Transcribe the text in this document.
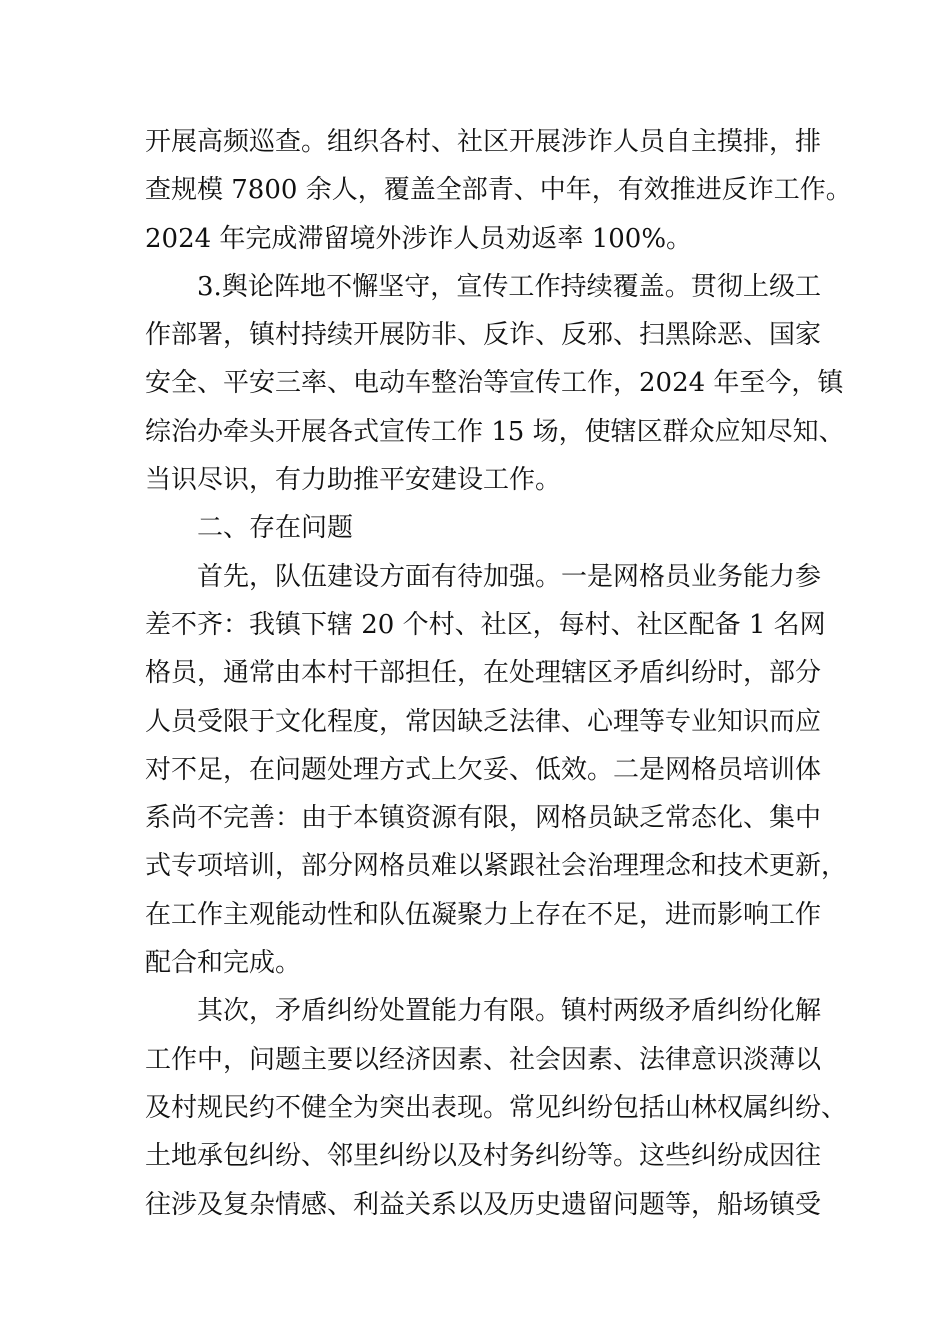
开展高频巡查。组织各村、社区开展涉诈人员自主摸排，排
查规模 7800 余人，覆盖全部青、中年，有效推进反诈工作。
2024 年完成滞留境外涉诈人员劝返率 100%。
3.舆论阵地不懈坚守，宣传工作持续覆盖。贯彻上级工
作部署，镇村持续开展防非、反诈、反邪、扫黑除恶、国家
安全、平安三率、电动车整治等宣传工作，2024 年至今，镇
综治办牵头开展各式宣传工作 15 场，使辖区群众应知尽知、
当识尽识，有力助推平安建设工作。
二、存在问题
首先，队伍建设方面有待加强。一是网格员业务能力参
差不齐：我镇下辖 20 个村、社区，每村、社区配备 1 名网
格员，通常由本村干部担任，在处理辖区矛盾纠纷时，部分
人员受限于文化程度，常因缺乏法律、心理等专业知识而应
对不足，在问题处理方式上欠妥、低效。二是网格员培训体
系尚不完善：由于本镇资源有限，网格员缺乏常态化、集中
式专项培训，部分网格员难以紧跟社会治理理念和技术更新，
在工作主观能动性和队伍凝聚力上存在不足，进而影响工作
配合和完成。
其次，矛盾纠纷处置能力有限。镇村两级矛盾纠纷化解
工作中，问题主要以经济因素、社会因素、法律意识淡薄以
及村规民约不健全为突出表现。常见纠纷包括山林权属纠纷、
土地承包纠纷、邻里纠纷以及村务纠纷等。这些纠纷成因往
往涉及复杂情感、利益关系以及历史遗留问题等，船场镇受
